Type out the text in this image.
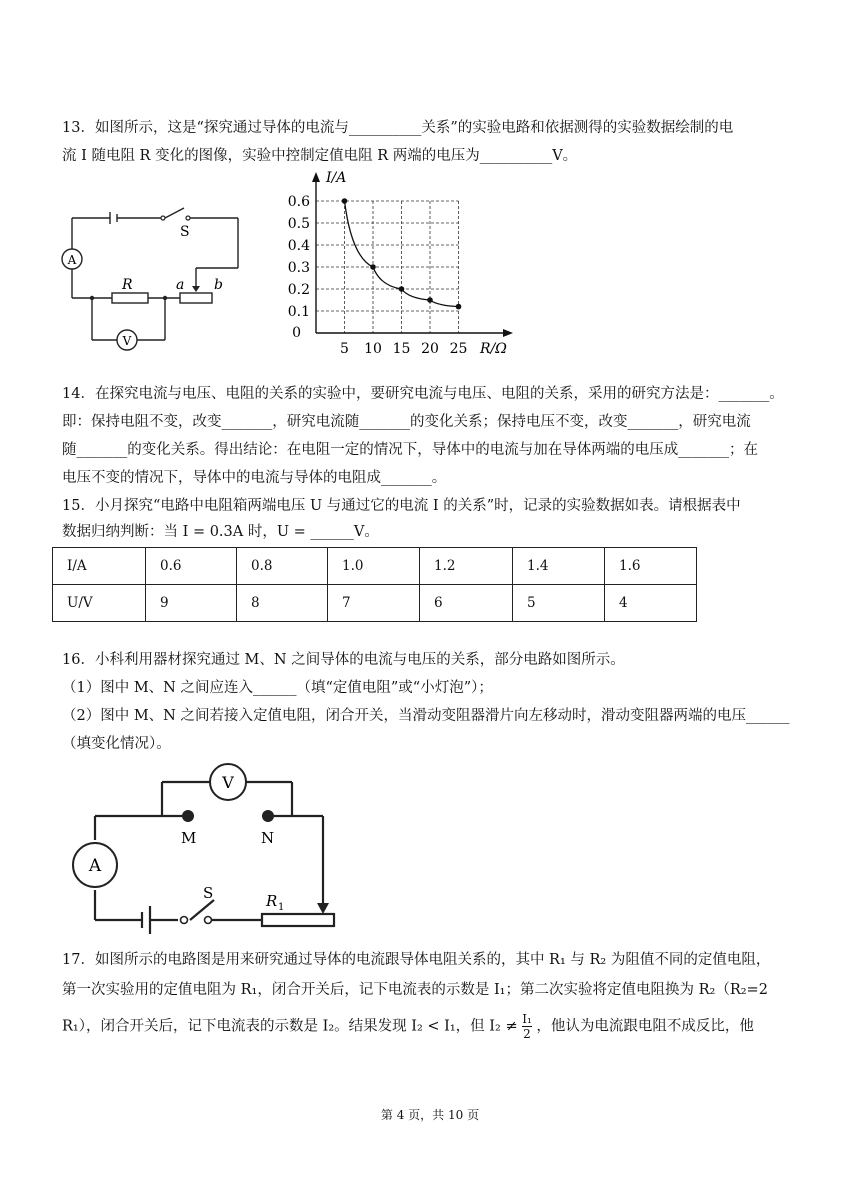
13．如图所示，这是“探究通过导体的电流与__________关系”的实验电路和依据测得的实验数据绘制的电
流 I 随电阻 R 变化的图像，实验中控制定值电阻 R 两端的电压为__________V。
A
V
S
R	a b
0
0.1
0.2
0.3
0.4
0.5
0.6
5 10 15 20 25
I/A
R/Ω
14．在探究电流与电压、电阻的关系的实验中，要研究电流与电压、电阻的关系，采用的研究方法是：_______。
即：保持电阻不变，改变_______，研究电流随_______的变化关系；保持电压不变，改变_______，研究电流
随_______的变化关系。得出结论：在电阻一定的情况下，导体中的电流与加在导体两端的电压成_______；在
电压不变的情况下，导体中的电流与导体的电阻成_______。
15．小月探究“电路中电阻箱两端电压 U 与通过它的电流 I 的关系”时，记录的实验数据如表。请根据表中
数据归纳判断：当 I = 0.3A 时，U = ______V。
I/A	0.6	0.8	1.0	1.2	1.4	1.6
U/V	9	8	7	6	5	4
16．小科利用器材探究通过 M、N 之间导体的电流与电压的关系，部分电路如图所示。
（1）图中 M、N 之间应连入______（填“定值电阻”或“小灯泡”）；
（2）图中 M、N 之间若接入定值电阻，闭合开关，当滑动变阻器滑片向左移动时，滑动变阻器两端的电压______
（填变化情况）。
V
A
M	N
S	R 1
17．如图所示的电路图是用来研究通过导体的电流跟导体电阻关系的，其中 R₁ 与 R₂ 为阻值不同的定值电阻，
第一次实验用的定值电阻为 R₁，闭合开关后，记下电流表的示数是 I₁；第二次实验将定值电阻换为 R₂（R₂=2
R₁），闭合开关后，记下电流表的示数是 I₂。结果发现 I₂ < I₁，但 $I_2 \ne \frac{\text{I₁}}{2}$ ，他认为电流跟电阻不成反比，他
第 4 页，共 10 页
